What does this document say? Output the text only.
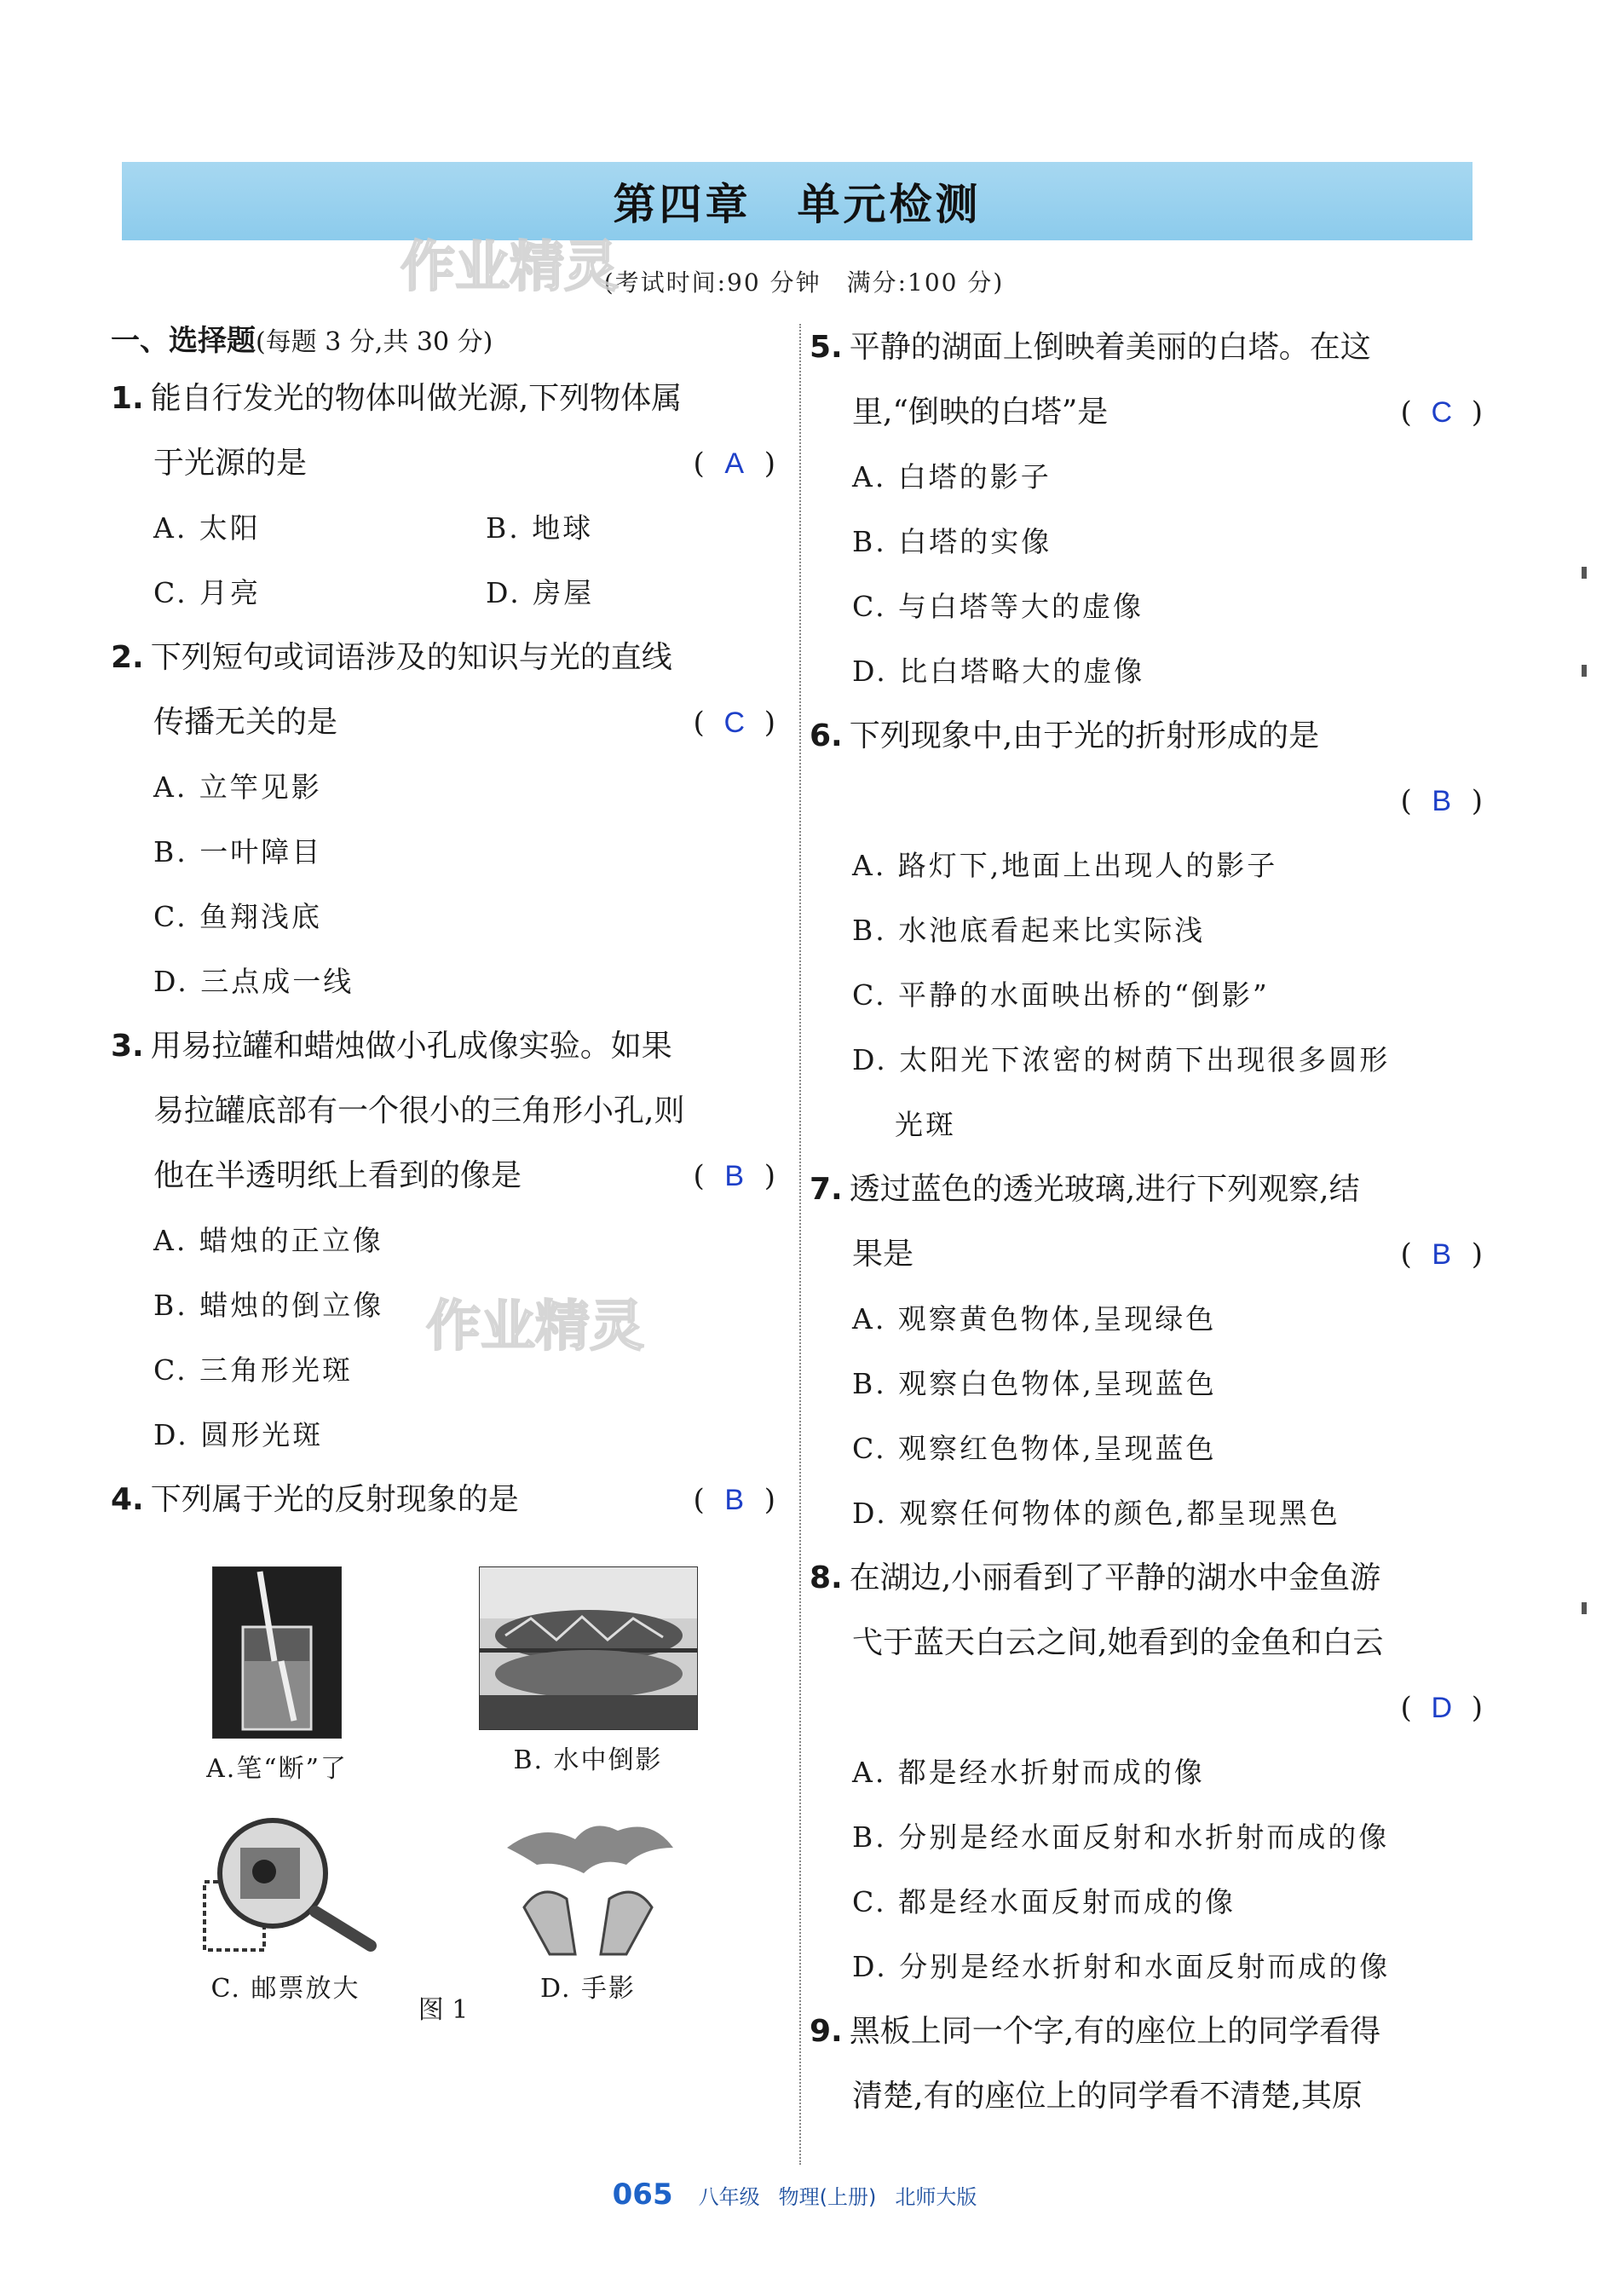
第四章　单元检测
(考试时间:90 分钟　满分:100 分)
作业精灵
作业精灵
一、选择题(每题 3 分,共 30 分)
1. 能自行发光的物体叫做光源,下列物体属
于光源的是	( A )
A. 太阳	B. 地球
C. 月亮	D. 房屋
2. 下列短句或词语涉及的知识与光的直线
传播无关的是	( C )
A. 立竿见影
B. 一叶障目
C. 鱼翔浅底
D. 三点成一线
3. 用易拉罐和蜡烛做小孔成像实验。如果
易拉罐底部有一个很小的三角形小孔,则
他在半透明纸上看到的像是	( B )
A. 蜡烛的正立像
B. 蜡烛的倒立像
C. 三角形光斑
D. 圆形光斑
4. 下列属于光的反射现象的是	( B )
A.笔“断”了	B. 水中倒影
C. 邮票放大	D. 手影
图 1
5. 平静的湖面上倒映着美丽的白塔。在这
里,“倒映的白塔”是	( C )
A. 白塔的影子
B. 白塔的实像
C. 与白塔等大的虚像
D. 比白塔略大的虚像
6. 下列现象中,由于光的折射形成的是
( B )
A. 路灯下,地面上出现人的影子
B. 水池底看起来比实际浅
C. 平静的水面映出桥的“倒影”
D. 太阳光下浓密的树荫下出现很多圆形
光斑
7. 透过蓝色的透光玻璃,进行下列观察,结
果是	( B )
A. 观察黄色物体,呈现绿色
B. 观察白色物体,呈现蓝色
C. 观察红色物体,呈现蓝色
D. 观察任何物体的颜色,都呈现黑色
8. 在湖边,小丽看到了平静的湖水中金鱼游
弋于蓝天白云之间,她看到的金鱼和白云
( D )
A. 都是经水折射而成的像
B. 分别是经水面反射和水折射而成的像
C. 都是经水面反射而成的像
D. 分别是经水折射和水面反射而成的像
9. 黑板上同一个字,有的座位上的同学看得
清楚,有的座位上的同学看不清楚,其原
065 八年级 物理(上册) 北师大版
